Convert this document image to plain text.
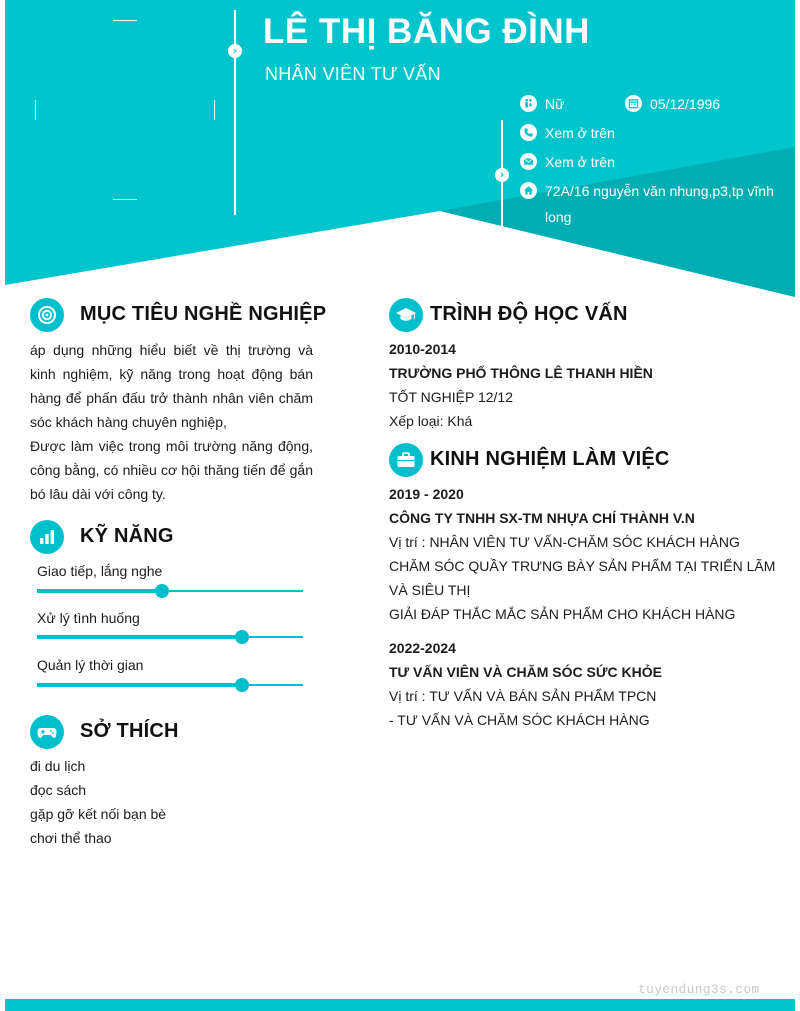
›
›
LÊ THỊ BĂNG ĐÌNH
NHÂN VIÊN TƯ VẤN
Nữ	05/12/1996
Xem ở trên
Xem ở trên
72A/16 nguyễn văn nhung,p3,tp vĩnh long
MỤC TIÊU NGHỀ NGHIỆP

áp dụng những hiểu biết về thị trường và kinh nghiệm, kỹ năng trong hoạt động bán hàng để phấn đấu trở thành nhân viên chăm sóc khách hàng chuyên nghiệp,

Được làm việc trong môi trường năng động, công bằng, có nhiều cơ hội thăng tiến để gắn bó lâu dài với công ty.

KỸ NĂNG
Giao tiếp, lắng nghe
Xử lý tình huống
Quản lý thời gian
SỞ THÍCH
đi du lịch
đọc sách
gặp gỡ kết nối bạn bè
chơi thể thao
TRÌNH ĐỘ HỌC VẤN
2010-2014
TRƯỜNG PHỔ THÔNG LÊ THANH HIỀN
TỐT NGHIỆP 12/12
Xếp loại: Khá
KINH NGHIỆM LÀM VIỆC
2019 - 2020
CÔNG TY TNHH SX-TM NHỰA CHÍ THÀNH V.N
Vị trí : NHÂN VIÊN TƯ VẤN-CHĂM SÓC KHÁCH HÀNG
CHĂM SÓC QUẦY TRƯNG BÀY SẢN PHẨM TẠI TRIỂN LÃM VÀ SIÊU THỊ
GIẢI ĐÁP THẮC MẮC SẢN PHẨM CHO KHÁCH HÀNG
2022-2024
TƯ VẤN VIÊN VÀ CHĂM SÓC SỨC KHỎE
Vị trí : TƯ VẤN VÀ BÁN SẢN PHẨM TPCN
- TƯ VẤN VÀ CHĂM SÓC KHÁCH HÀNG
tuyendung3s.com
